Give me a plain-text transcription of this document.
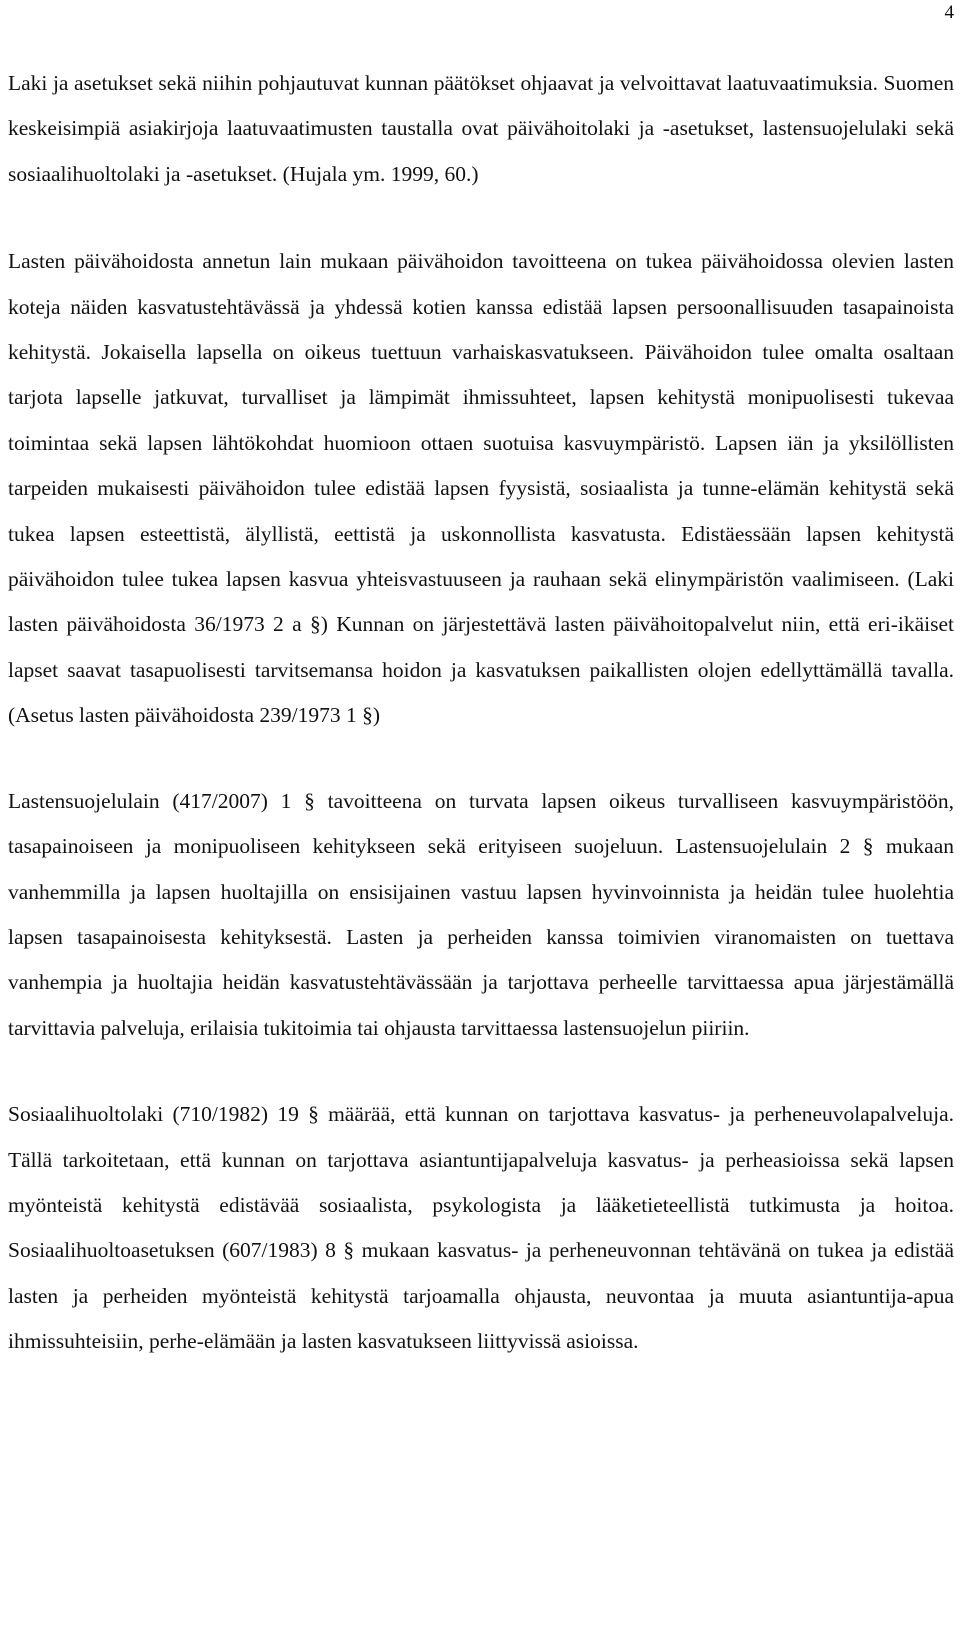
4

Laki ja asetukset sekä niihin pohjautuvat kunnan päätökset ohjaavat ja velvoittavat laatuvaatimuksia. Suomen keskeisimpiä asiakirjoja laatuvaatimusten taustalla ovat päivähoitolaki ja -asetukset, lastensuojelulaki sekä sosiaalihuoltolaki ja -asetukset. (Hujala ym. 1999, 60.)

Lasten päivähoidosta annetun lain mukaan päivähoidon tavoitteena on tukea päivähoidossa olevien lasten koteja näiden kasvatustehtävässä ja yhdessä kotien kanssa edistää lapsen persoonallisuuden tasapainoista kehitystä. Jokaisella lapsella on oikeus tuettuun varhaiskasvatukseen. Päivähoidon tulee omalta osaltaan tarjota lapselle jatkuvat, turvalliset ja lämpimät ihmissuhteet, lapsen kehitystä monipuolisesti tukevaa toimintaa sekä lapsen lähtökohdat huomioon ottaen suotuisa kasvuympäristö. Lapsen iän ja yksilöllisten tarpeiden mukaisesti päivähoidon tulee edistää lapsen fyysistä, sosiaalista ja tunne-elämän kehitystä sekä tukea lapsen esteettistä, älyllistä, eettistä ja uskonnollista kasvatusta. Edistäessään lapsen kehitystä päivähoidon tulee tukea lapsen kasvua yhteisvastuuseen ja rauhaan sekä elinympäristön vaalimiseen. (Laki lasten päivähoidosta 36/1973 2 a §) Kunnan on järjestettävä lasten päivähoitopalvelut niin, että eri-ikäiset lapset saavat tasapuolisesti tarvitsemansa hoidon ja kasvatuksen paikallisten olojen edellyttämällä tavalla. (Asetus lasten päivähoidosta 239/1973 1 §)

Lastensuojelulain (417/2007) 1 § tavoitteena on turvata lapsen oikeus turvalliseen kasvuympäristöön, tasapainoiseen ja monipuoliseen kehitykseen sekä erityiseen suojeluun. Lastensuojelulain 2 § mukaan vanhemmilla ja lapsen huoltajilla on ensisijainen vastuu lapsen hyvinvoinnista ja heidän tulee huolehtia lapsen tasapainoisesta kehityksestä. Lasten ja perheiden kanssa toimivien viranomaisten on tuettava vanhempia ja huoltajia heidän kasvatustehtävässään ja tarjottava perheelle tarvittaessa apua järjestämällä tarvittavia palveluja, erilaisia tukitoimia tai ohjausta tarvittaessa lastensuojelun piiriin.

Sosiaalihuoltolaki (710/1982) 19 § määrää, että kunnan on tarjottava kasvatus- ja perheneuvolapalveluja. Tällä tarkoitetaan, että kunnan on tarjottava asiantuntijapalveluja kasvatus- ja perheasioissa sekä lapsen myönteistä kehitystä edistävää sosiaalista, psykologista ja lääketieteellistä tutkimusta ja hoitoa. Sosiaalihuoltoasetuksen (607/1983) 8 § mukaan kasvatus- ja perheneuvonnan tehtävänä on tukea ja edistää lasten ja perheiden myönteistä kehitystä tarjoamalla ohjausta, neuvontaa ja muuta asiantuntija-apua ihmissuhteisiin, perhe-elämään ja lasten kasvatukseen liittyvissä asioissa.
